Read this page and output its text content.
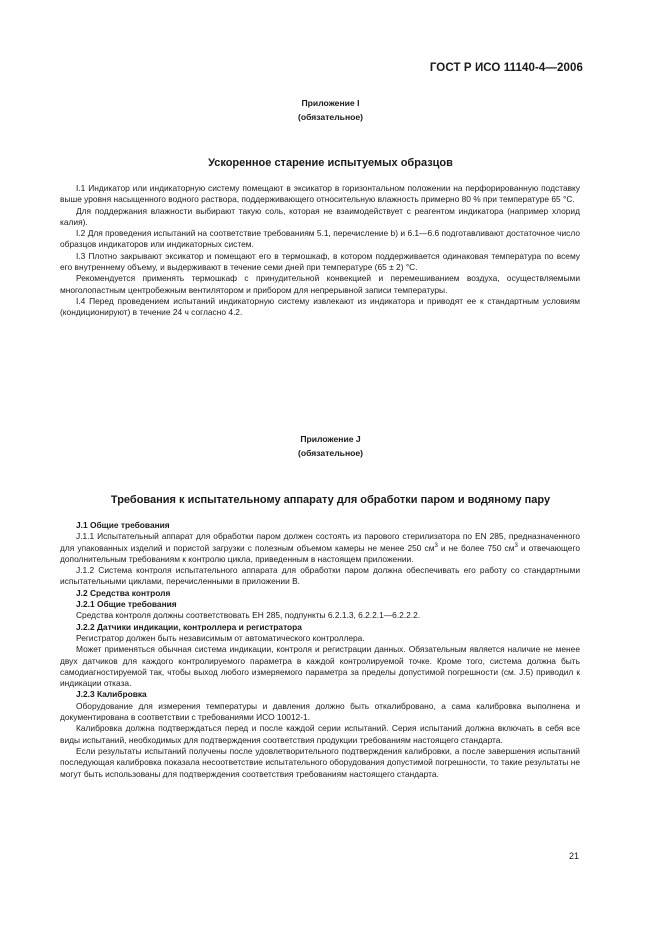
ГОСТ Р ИСО 11140-4—2006
Приложение I
(обязательное)
Ускоренное старение испытуемых образцов

I.1 Индикатор или индикаторную систему помещают в эксикатор в горизонтальном положении на перфорированную подставку выше уровня насыщенного водного раствора, поддерживающего относительную влажность примерно 80 % при температуре 65 °С.

Для поддержания влажности выбирают такую соль, которая не взаимодействует с реагентом индикатора (например хлорид калия).

I.2 Для проведения испытаний на соответствие требованиям 5.1, перечисление b) и 6.1—6.6 подготавливают достаточное число образцов индикаторов или индикаторных систем.

I.3 Плотно закрывают эксикатор и помещают его в термошкаф, в котором поддерживается одинаковая температура по всему его внутреннему объему, и выдерживают в течение семи дней при температуре (65 ± 2) °С.

Рекомендуется применять термошкаф с принудительной конвекцией и перемешиванием воздуха, осуществляемыми многолопастным центробежным вентилятором и прибором для непрерывной записи температуры.

I.4 Перед проведением испытаний индикаторную систему извлекают из индикатора и приводят ее к стандартным условиям (кондиционируют) в течение 24 ч согласно 4.2.

Приложение J
(обязательное)
Требования к испытательному аппарату для обработки паром и водяному пару

J.1 Общие требования

J.1.1 Испытательный аппарат для обработки паром должен состоять из парового стерилизатора по EN 285, предназначенного для упакованных изделий и пористой загрузки с полезным объемом камеры не менее 250 $см^3$ и не более 750 $см^3$ и отвечающего дополнительным требованиям к контролю цикла, приведенным в настоящем приложении.

J.1.2 Система контроля испытательного аппарата для обработки паром должна обеспечивать его работу со стандартными испытательными циклами, перечисленными в приложении В.

J.2 Средства контроля

J.2.1 Общие требования

Средства контроля должны соответствовать ЕН 285, подпункты 6.2.1.3, 6.2.2.1—6.2.2.2.

J.2.2 Датчики индикации, контроллера и регистратора

Регистратор должен быть независимым от автоматического контроллера.

Может применяться обычная система индикации, контроля и регистрации данных. Обязательным является наличие не менее двух датчиков для каждого контролируемого параметра в каждой контролируемой точке. Кроме того, система должна быть самодиагностируемой так, чтобы выход любого измеряемого параметра за пределы допустимой погрешности (см. J.5) приводил к индикации отказа.

J.2.3 Калибровка

Оборудование для измерения температуры и давления должно быть откалибровано, а сама калибровка выполнена и документирована в соответствии с требованиями ИСО 10012-1.

Калибровка должна подтверждаться перед и после каждой серии испытаний. Серия испытаний должна включать в себя все виды испытаний, необходимых для подтверждения соответствия продукции требованиям настоящего стандарта.

Если результаты испытаний получены после удовлетворительного подтверждения калибровки, а после завершения испытаний последующая калибровка показала несоответствие испытательного оборудования допустимой погрешности, то такие результаты не могут быть использованы для подтверждения соответствия требованиям настоящего стандарта.

21
